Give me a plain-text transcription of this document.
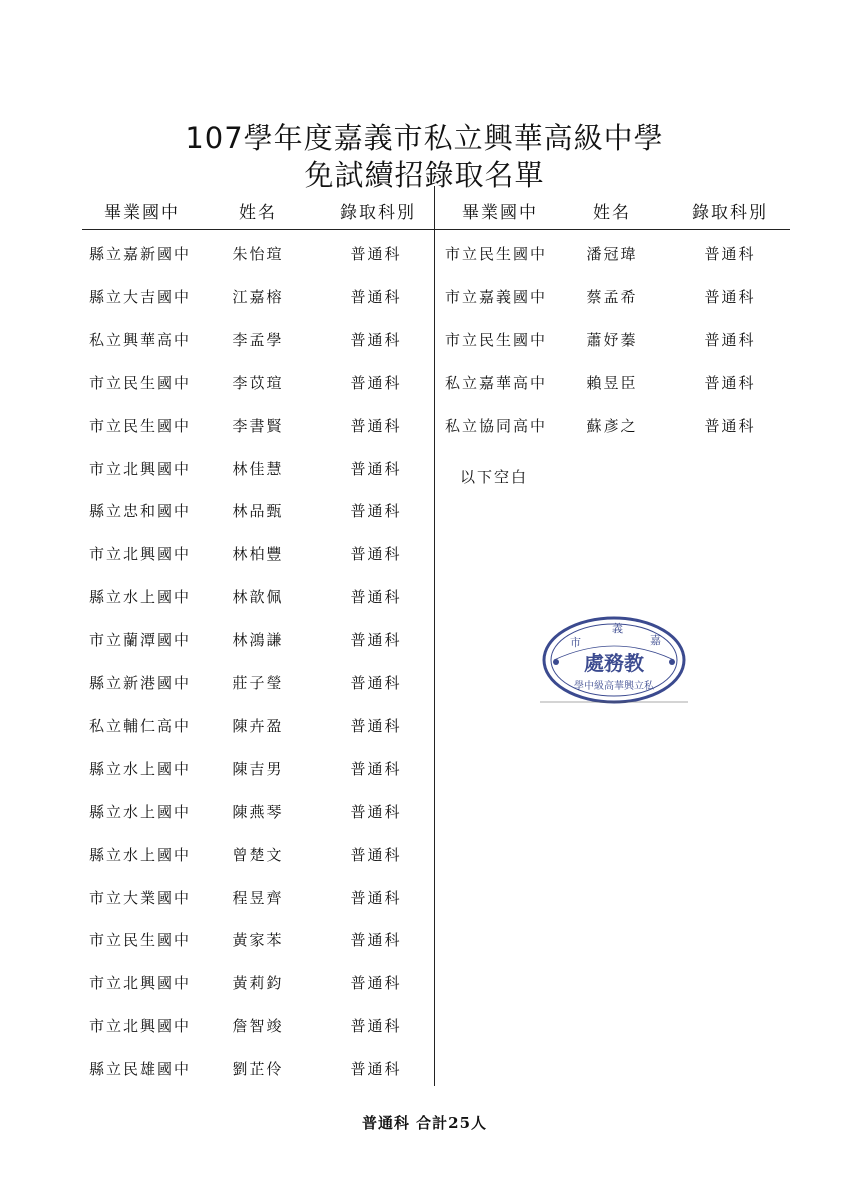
107學年度嘉義市私立興華高級中學
免試續招錄取名單
畢業國中	姓名	錄取科別	畢業國中	姓名	錄取科別
縣立嘉新國中	朱怡瑄	普通科
縣立大吉國中	江嘉榕	普通科
私立興華高中	李孟學	普通科
市立民生國中	李苡瑄	普通科
市立民生國中	李書賢	普通科
市立北興國中	林佳慧	普通科
縣立忠和國中	林品甄	普通科
市立北興國中	林柏豐	普通科
縣立水上國中	林歆佩	普通科
市立蘭潭國中	林鴻謙	普通科
縣立新港國中	莊子瑩	普通科
私立輔仁高中	陳卉盈	普通科
縣立水上國中	陳吉男	普通科
縣立水上國中	陳燕琴	普通科
縣立水上國中	曾楚文	普通科
市立大業國中	程昱齊	普通科
市立民生國中	黃家苯	普通科
市立北興國中	黃莉鈞	普通科
市立北興國中	詹智竣	普通科
縣立民雄國中	劉芷伶	普通科
市立民生國中	潘冠瑋	普通科
市立嘉義國中	蔡孟希	普通科
市立民生國中	蕭妤蓁	普通科
私立嘉華高中	賴昱臣	普通科
私立協同高中	蘇彥之	普通科
以下空白
處務教
學中級高華興立私
市
義
嘉
普通科 合計25人
